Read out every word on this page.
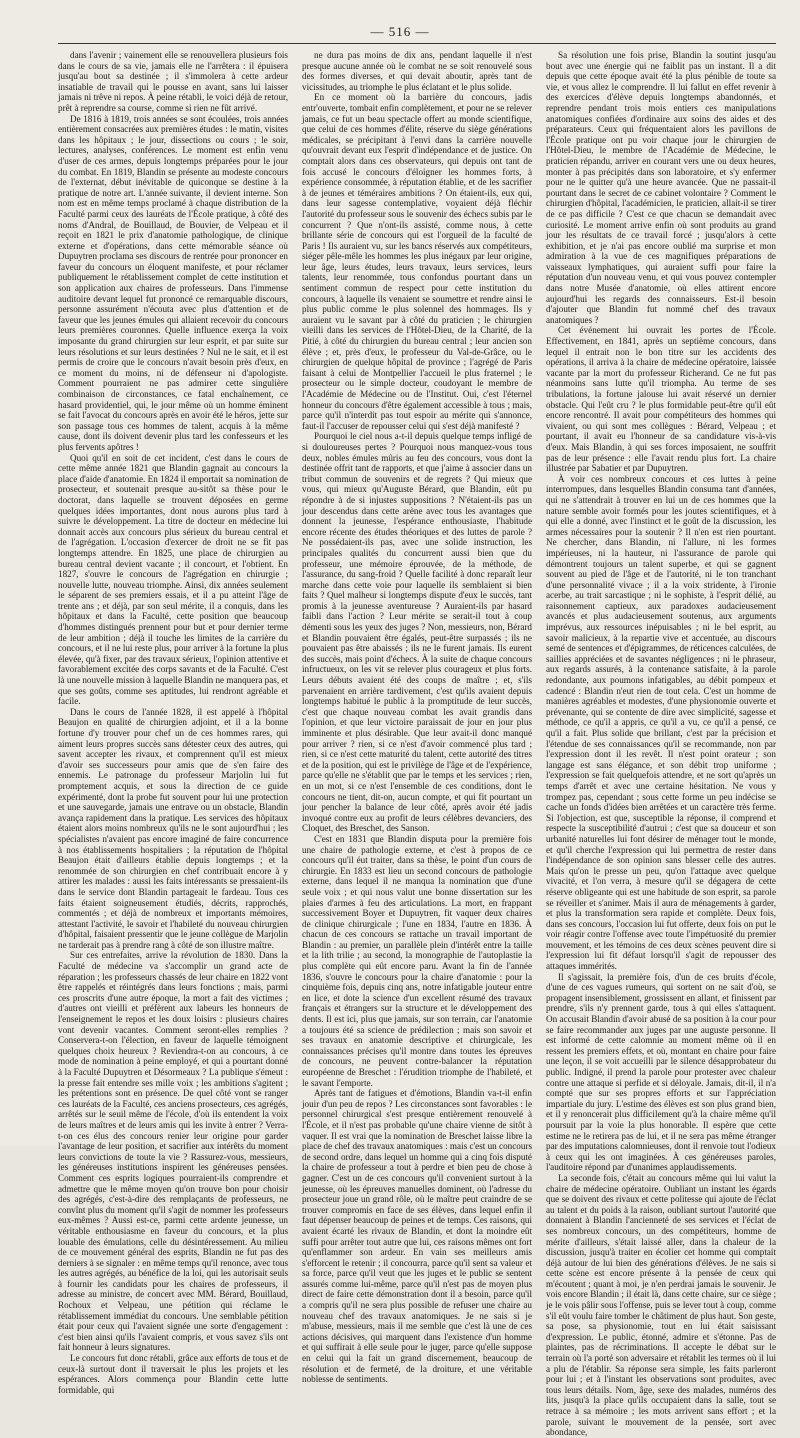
— 516 —

dans l'avenir ; vainement elle se renouvellera plusieurs fois dans le cours de sa vie, jamais elle ne l'arrêtera : il épuisera jusqu'au bout sa destinée ; il s'immolera à cette ardeur insatiable de travail qui le pousse en avant, sans lui laisser jamais ni trêve ni repos. À peine rétabli, le voici déjà de retour, prêt à reprendre sa course, comme si rien ne fût arrivé.

De 1816 à 1819, trois années se sont écoulées, trois années entièrement consacrées aux premières études : le matin, visites dans les hôpitaux ; le jour, dissections ou cours ; le soir, lectures, analyses, conférences. Le moment est enfin venu d'user de ces armes, depuis longtemps préparées pour le jour du combat. En 1819, Blandin se présente au modeste concours de l'externat, début inévitable de quiconque se destine à la pratique de notre art. L'année suivante, il devient interne. Son nom est en même temps proclamé à chaque distribution de la Faculté parmi ceux des lauréats de l'École pratique, à côté des noms d'Andral, de Bouillaud, de Bouvier, de Velpeau et il reçoit en 1821 le prix d'anatomie pathologique, de clinique externe et d'opérations, dans cette mémorable séance où Dupuytren proclama ses discours de rentrée pour prononcer en faveur du concours un éloquent manifeste, et pour réclamer publiquement le rétablissement complet de cette institution et son application aux chaires de professeurs. Dans l'immense auditoire devant lequel fut prononcé ce remarquable discours, personne assurément n'écouta avec plus d'attention et de faveur que les jeunes émules qui allaient recevoir du concours leurs premières couronnes. Quelle influence exerça la voix imposante du grand chirurgien sur leur esprit, et par suite sur leurs résolutions et sur leurs destinées ? Nul ne le sait, et il est permis de croire que le concours n'avait besoin près d'eux, en ce moment du moins, ni de défenseur ni d'apologiste. Comment pourraient ne pas admirer cette singulière combinaison de circonstances, ce fatal enchaînement, ce hasard providentiel, qui, le jour même où un homme éminent se fait l'avocat du concours après en avoir été le héros, jette sur son passage tous ces hommes de talent, acquis à la même cause, dont ils doivent devenir plus tard les confesseurs et les plus fervents apôtres !

Quoi qu'il en soit de cet incident, c'est dans le cours de cette même année 1821 que Blandin gagnait au concours la place d'aide d'anatomie. En 1824 il emportait sa nomination de prosecteur, et soutenait presque au-sitôt sa thèse pour le doctorat, dans laquelle se trouvent déposées en germe quelques idées importantes, dont nous aurons plus tard à suivre le développement. La titre de docteur en médecine lui donnait accès aux concours plus sérieux du bureau central et de l'agrégation. L'occasion d'exercer de droit ne se fit pas longtemps attendre. En 1825, une place de chirurgien au bureau central devient vacante ; il concourt, et l'obtient. En 1827, s'ouvre le concours de l'agrégation en chirurgie ; nouvelle lutte, nouveau triomphe. Ainsi, dix années seulement le séparent de ses premiers essais, et il a pu atteint l'âge de trente ans ; et déjà, par son seul mérite, il a conquis, dans les hôpitaux et dans la Faculté, cette position que beaucoup d'hommes distingués prennent pour but et pour dernier terme de leur ambition ; déjà il touche les limites de la carrière du concours, et il ne lui reste plus, pour arriver à la fortune la plus élevée, qu'à fixer, par des travaux sérieux, l'opinion attentive et favorablement excitée des corps savants et de la Faculté. C'est là une nouvelle mission à laquelle Blandin ne manquera pas, et que ses goûts, comme ses aptitudes, lui rendront agréable et facile.

Dans le cours de l'année 1828, il est appelé à l'hôpital Beaujon en qualité de chirurgien adjoint, et il a la bonne fortune d'y trouver pour chef un de ces hommes rares, qui aiment leurs propres succès sans détester ceux des autres, qui savent accepter les rivaux, et comprennent qu'il est mieux d'avoir ses successeurs pour amis que de s'en faire des ennemis. Le patronage du professeur Marjolin lui fut promptement acquis, et sous la direction de ce guide expérimenté, dont la probe fut souvent pour lui une protection et une sauvegarde, jamais une entrave ou un obstacle, Blandin avança rapidement dans la pratique. Les services des hôpitaux étaient alors moins nombreux qu'ils ne le sont aujourd'hui ; les spécialistes n'avaient pas encore imaginé de faire concurrence à nos établissements hospitaliers ; la réputation de l'hôpital Beaujon était d'ailleurs établie depuis longtemps ; et la renommée de son chirurgien en chef contribuait encore à y attirer les malades : aussi les faits intéressants se pressaient-ils dans le service dont Blandin partageait le fardeau. Tous ces faits étaient soigneusement étudiés, décrits, rapprochés, commentés ; et déjà de nombreux et importants mémoires, attestant l'activité, le savoir et l'habileté du nouveau chirurgien d'hôpital, faisaient pressentir que le jeune collègue de Marjolin ne tarderait pas à prendre rang à côté de son illustre maître.

Sur ces entrefaites, arrive la révolution de 1830. Dans la Faculté de médecine va s'accomplir un grand acte de réparation ; les professeurs chassés de leur chaire en 1822 vont être rappelés et réintégrés dans leurs fonctions ; mais, parmi ces proscrits d'une autre époque, la mort a fait des victimes ; d'autres ont vieilli et préfèrent aux labeurs les honneurs de l'enseignement le repos et les doux loisirs : plusieurs chaires vont devenir vacantes. Comment seront-elles remplies ? Conservera-t-on l'élection, en faveur de laquelle témoignent quelques choix heureux ? Reviendra-t-on au concours, à ce mode de nomination à peine employé, et qui a pourtant donné à la Faculté Dupuytren et Désormeaux ? La publique s'émeut : la presse fait entendre ses mille voix ; les ambitions s'agitent ; les prétentions sont en présence. De quel côté vont se ranger ces lauréats de la Faculté, ces anciens prosecteurs, ces agrégés, arrêtés sur le seuil même de l'école, d'où ils entendent la voix de leurs maîtres et de leurs amis qui les invite à entrer ? Verra-t-on ces élus des concours renier leur origine pour garder l'avantage de leur position, et sacrifier aux intérêts du moment leurs convictions de toute la vie ? Rassurez-vous, messieurs, les généreuses institutions inspirent les généreuses pensées. Comment ces esprits logiques pourraient-ils comprendre et admettre que le même moyen qu'on trouve bon pour choisir des agrégés, c'est-à-dire des remplaçants de professeurs, ne convînt plus du moment qu'il s'agit de nommer les professeurs eux-mêmes ? Aussi est-ce, parmi cette ardente jeunesse, un véritable enthousiasme en faveur du concours, et la plus louable des émulations, celle du désintéressement. Au milieu de ce mouvement général des esprits, Blandin ne fut pas des derniers à se signaler : en même temps qu'il renonce, avec tous les autres agrégés, au bénéfice de la loi, qui les autorisait seuls à fournir les candidats pour les chaires de professeurs, il adresse au ministre, de concert avec MM. Bérard, Bouillaud, Rochoux et Velpeau, une pétition qui réclame le rétablissement immédiat du concours. Une semblable pétition était pour ceux qui l'avaient signée une sorte d'engagement : c'est bien ainsi qu'ils l'avaient compris, et vous savez s'ils ont fait honneur à leurs signatures.

Le concours fut donc rétabli, grâce aux efforts de tous et de ceux-là surtout dont il traversait le plus les projets et les espérances. Alors commença pour Blandin cette lutte formidable, qui

ne dura pas moins de dix ans, pendant laquelle il n'est presque aucune année où le combat ne se soit renouvelé sous des formes diverses, et qui devait aboutir, après tant de vicissitudes, au triomphe le plus éclatant et le plus solide.

En ce moment où la barrière du concours, jadis entr'ouverte, tombait enfin complètement, et pour ne se relever jamais, ce fut un beau spectacle offert au monde scientifique, que celui de ces hommes d'élite, réserve du siège générations médicales, se précipitant à l'envi dans la carrière nouvelle qu'ouvrait devant eux l'esprit d'indépendance et de justice. On comptait alors dans ces observateurs, qui depuis ont tant de fois accusé le concours d'éloigner les hommes forts, à expérience consommée, à réputation établie, et de les sacrifier à de jeunes et téméraires ambitions ? On étaient-ils, eux qui, dans leur sagesse contemplative, voyaient déjà fléchir l'autorité du professeur sous le souvenir des échecs subis par le concurrent ? Que n'ont-ils assisté, comme nous, à cette brillante série de concours qui est l'orgueil de la faculté de Paris ! Ils auraient vu, sur les bancs réservés aux compétiteurs, siéger pêle-mêle les hommes les plus inégaux par leur origine, leur âge, leurs études, leurs travaux, leurs services, leurs talents, leur renommée, tous confondus pourtant dans un sentiment commun de respect pour cette institution du concours, à laquelle ils venaient se soumettre et rendre ainsi le plus public comme le plus solennel des hommages. Ils y auraient vu le savant par à côté du praticien ; le chirurgien vieilli dans les services de l'Hôtel-Dieu, de la Charité, de la Pitié, à côté du chirurgien du bureau central ; leur ancien son élève ; et, près d'eux, le professeur du Val-de-Grâce, ou le chirurgien de quelque hôpital de province ; l'agrégé de Paris faisant à celui de Montpellier l'accueil le plus fraternel ; le prosecteur ou le simple docteur, coudoyant le membre de l'Académie de Médecine ou de l'Institut. Oui, c'est l'éternel honneur du concours d'être également accessible à tous ; mais, parce qu'il n'interdit pas tout espoir au mérite qui s'annonce, faut-il l'accuser de repousser celui qui s'est déjà manifesté ?

Pourquoi le ciel nous a-t-il depuis quelque temps infligé de si douloureuses pertes ? Pourquoi nous manquez-vous tous deux, nobles émules mûris au feu des concours, vous dont la destinée offrit tant de rapports, et que j'aime à associer dans un tribut commun de souvenirs et de regrets ? Qui mieux que vous, qui mieux qu'Auguste Bérard, que Blandin, eût pu répondre à de si injustes suppositions ? N'étaient-ils pas un jour descendus dans cette arène avec tous les avantages que donnent la jeunesse, l'espérance enthousiaste, l'habitude encore récente des études théoriques et des luttes de parole ? Ne possédaient-ils pas, avec une solide instruction, les principales qualités du concurrent aussi bien que du professeur, une mémoire éprouvée, de la méthode, de l'assurance, du sang-froid ? Quelle facilité à donc reparaît leur marche dans cette voie pour laquelle ils semblaient si bien faits ? Quel malheur si longtemps dispute d'eux le succès, tant promis à la jeunesse aventureuse ? Auraient-ils par hasard faibli dans l'action ? Leur mérite se serait-il tout à coup démenti sous les yeux des juges ? Non, messieurs, non, Bérard et Blandin pouvaient être égalés, peut-être surpassés ; ils ne pouvaient pas être abaissés ; ils ne le furent jamais. Ils eurent des succès, mais point d'échecs. À la suite de chaque concours infructueux, on les vit se relever plus courageux et plus forts. Leurs débuts avaient été des coups de maître ; et, s'ils parvenaient en arrière tardivement, c'est qu'ils avaient depuis longtemps habitué le public à la promptitude de leur succès, c'est que chaque nouveau combat les avait grandis dans l'opinion, et que leur victoire paraissait de jour en jour plus imminente et plus désirable. Que leur avait-il donc manqué pour arriver ? rien, si ce n'est d'avoir commencé plus tard ; rien, si ce n'est cette maturité du talent, cette autorité des titres et de la position, qui est le privilège de l'âge et de l'expérience, parce qu'elle ne s'établit que par le temps et les services ; rien, en un mot, si ce n'est l'ensemble de ces conditions, dont le concours ne tient, dit-on, aucun compte, et qui fit pourtant un jour pencher la balance de leur côté, après avoir été jadis invoqué contre eux au profit de leurs célèbres devanciers, des Cloquet, des Breschet, des Sanson.

C'est en 1831 que Blandin disputa pour la première fois une chaire de pathologie externe, et c'est à propos de ce concours qu'il éut traiter, dans sa thèse, le point d'un cours de chirurgie. En 1833 est lieu un second concours de pathologie externe, dans lequel il ne manqua la nomination que d'une seule voix ; et qui nous valut une bonne dissertation sur les plaies d'armes à feu des articulations. La mort, en frappant successivement Boyer et Dupuytren, fit vaquer deux chaires de clinique chirurgicale ; l'une en 1834, l'autre en 1836. À chacun de ces concours se rattache un travail important de Blandin : au premier, un parallèle plein d'intérêt entre la taille et la lith trilie ; au second, la monographie de l'autoplastie la plus complète qui eût encore paru. Avant la fin de l'année 1836, s'ouvre le concours pour la chaire d'anatomie : pour la cinquième fois, depuis cinq ans, notre infatigable jouteur entre en lice, et dote la science d'un excellent résumé des travaux français et étrangers sur la structure et le développement des dents. Il est ici, plus que jamais, sur son terrain, car l'anatomie a toujours été sa science de prédilection ; mais son savoir et ses travaux en anatomie descriptive et chirurgicale, les connaissances précises qu'il montre dans toutes les épreuves de concours, ne peuvent contre-balancer la réputation européenne de Breschet : l'érudition triomphe de l'habileté, et le savant l'emporte.

Après tant de fatigues et d'émotions, Blandin va-t-il enfin jouir d'un peu de repos ? Les circonstances sont favorables : le personnel chirurgical s'est presque entièrement renouvelé à l'École, et il n'est pas probable qu'une chaire vienne de sitôt à vaquer. Il est vrai que la nomination de Breschet laisse libre la place de chef des travaux anatomiques : mais c'est un concours de second ordre, dans lequel un homme qui a cinq fois disputé la chaire de professeur a tout à perdre et bien peu de chose à gagner. C'est un de ces concours qu'il convenient surtout à la jeunesse, où les épreuves manuelles dominent, où l'adresse du prosecteur joue un grand rôle, où le maître peut craindre de se trouver compromis en face de ses élèves, dans lequel enfin il faut dépenser beaucoup de peines et de temps. Ces raisons, qui avaient écarté les rivaux de Blandin, et dont la moindre eût suffi pour arrêter tout autre que lui, ces raisons mêmes ont fort qu'enflammer son ardeur. En vain ses meilleurs amis s'efforcent le retenir ; il concourra, parce qu'il sent sa valeur et sa force, parce qu'il veut que les juges et le public se sentent assurés comme lui-même, parce qu'il n'est pas de moyen plus direct de faire cette démonstration dont il a besoin, parce qu'il a compris qu'il ne sera plus possible de refuser une chaire au nouveau chef des travaux anatomiques. Je ne sais si je m'abuse, messieurs, mais il me semble que c'est là une de ces actions décisives, qui marquent dans l'existence d'un homme et qui suffirait à elle seule pour le juger, parce qu'elle suppose en celui qui la fait un grand discernement, beaucoup de résolution et de fermeté, de la droiture, et une véritable noblesse de sentiments.

Sa résolution une fois prise, Blandin la soutint jusqu'au bout avec une énergie qui ne faiblit pas un instant. Il a dit depuis que cette époque avait été la plus pénible de toute sa vie, et vous allez le comprendre. Il lui fallut en effet revenir à des exercices d'élève depuis longtemps abandonnés, et reprendre pendant trois mois entiers ces manipulations anatomiques confiées d'ordinaire aux soins des aides et des préparateurs. Ceux qui fréquentaient alors les pavillons de l'École pratique ont pu voir chaque jour le chirurgien de l'Hôtel-Dieu, le membre de l'Académie de Médecine, le praticien répandu, arriver en courant vers une ou deux heures, monter à pas précipités dans son laboratoire, et s'y enfermer pour ne le quitter qu'à une heure avancée. Que ne passait-il pourtant dans le secret de ce cabinet volontaire ? Comment le chirurgien d'hôpital, l'académicien, le praticien, allait-il se tirer de ce pas difficile ? C'est ce que chacun se demandait avec curiosité. Le moment arrive enfin où sont produits au grand jour les résultats de ce travail forcé ; jusqu'alors à cette exhibition, et je n'ai pas encore oublié ma surprise et mon admiration à la vue de ces magnifiques préparations de vaisseaux lymphatiques, qui auraient suffi pour faire la réputation d'un nouveau venu, et qui vous pouvez contempler dans notre Musée d'anatomie, où elles attirent encore aujourd'hui les regards des connaisseurs. Est-il besoin d'ajouter que Blandin fut nommé chef des travaux anatomiques ?

Cet événement lui ouvrait les portes de l'École. Effectivement, en 1841, après un septième concours, dans lequel il entrait non le bon titre sur les accidents des opérations, il arriva à la chaire de médecine opératoire, laissée vacante par la mort du professeur Richerand. Ce ne fut pas néanmoins sans lutte qu'il triompha. Au terme de ses tribulations, la fortune jalouse lui avait réservé un dernier obstacle. Qui l'eût cru ? le plus formidable peut-être qu'il eût encore rencontré. Il avait pour compétiteurs des hommes qui vivaient, ou qui sont mes collègues : Bérard, Velpeau ; et pourtant, il avait eu l'honneur de sa candidature vis-à-vis d'eux. Mais Blandin, à qui ses forces imposaient, ne souffrit pas de leur présence : elle l'avait rendu plus fort. La chaire illustrée par Sabatier et par Dupuytren.

À voir ces nombreux concours et ces luttes à peine interrompues, dans lesquelles Blandin consuma tant d'années, qui ne s'attendrait à trouver en lui un de ces hommes que la nature semble avoir formés pour les joutes scientifiques, et à qui elle a donné, avec l'instinct et le goût de la discussion, les armes nécessaires pour la soutenir ? Il n'en est rien pourtant. Ne chercher, dans Blandin, ni l'allure, ni les formes impérieuses, ni la hauteur, ni l'assurance de parole qui démontrent toujours un talent superbe, et qui se gagnent souvent au pied de l'âge et de l'autorité, ni le ton tranchant d'une personnalité vivace ; il a la voix stridente, à l'ironie acerbe, au trait sarcastique ; ni le sophiste, à l'esprit délié, au raisonnement captieux, aux paradoxes audacieusement avancés et plus audacieusement soutenus, aux arguments imprévus, aux ressources inépuisables ; ni le bel esprit, au savoir malicieux, à la repartie vive et accentuée, au discours semé de sentences et d'épigrammes, de réticences calculées, de saillies appréciées et de savantes négligences ; ni le phraseur, aux regards assurés, à la contenance satisfaite, à la parole redondante, aux poumons infatigables, au débit pompeux et cadencé : Blandin n'eut rien de tout cela. C'est un homme de manières agréables et modestes, d'une physionomie ouverte et prévenante, qui se contente de dire avec simplicité, sagesse et méthode, ce qu'il a appris, ce qu'il a vu, ce qu'il a pensé, ce qu'il a fait. Plus solide que brillant, c'est par la précision et l'étendue de ses connaissances qu'il se recommande, non par l'expression dont il les revêt. Il n'est point orateur ; son langage est sans élégance, et son débit trop uniforme ; l'expression se fait quelquefois attendre, et ne sort qu'après un temps d'arrêt et avec une certaine hésitation. Ne vous y trompez pas, cependant ; sous cette forme un peu indécise se cache un fonds d'idées bien arrêtées et un caractère très ferme. Si l'objection, est que, susceptible la réponse, il comprend et respecte la susceptibilité d'autrui ; c'est que sa douceur et son urbanité naturelles lui font désirer de ménager tout le monde, et qu'il cherche l'expression qui lui permettra de rester dans l'indépendance de son opinion sans blesser celle des autres. Mais qu'on le presse un peu, qu'on l'attaque avec quelque vivacité, et l'on verra, à mesure qu'il se dégagera de cette réserve obligeante qui est une habitude de son esprit, sa parole se réveiller et s'animer. Mais il aura de ménagements à garder, et plus la transformation sera rapide et complète. Deux fois, dans ses concours, l'occasion lui fut offerte, deux fois on put le voir réagir contre l'offense avec toute l'impétuosité du premier mouvement, et les témoins de ces deux scènes peuvent dire si l'expression lui fit défaut lorsqu'il s'agit de repousser des attaques immérités.

Il s'agissait, la première fois, d'un de ces bruits d'école, d'une de ces vagues rumeurs, qui sortent on ne sait d'où, se propagent insensiblement, grossissent en allant, et finissent par prendre, s'ils n'y prennent garde, tous à qui elles s'attaquent. On accusait Blandin d'avoir abusé de sa position à la cour pour se faire recommander aux juges par une auguste personne. Il est informé de cette calomnie au moment même où il en ressent les premiers effets, et où, montant en chaire pour faire une leçon, il se voit accueilli par le silence désapprobateur du public. Indigné, il prend la parole pour protester avec chaleur contre une attaque si perfide et si déloyale. Jamais, dit-il, il n'a compté que sur ses propres efforts et sur l'appréciation impartiale du jury. L'estime des élèves est son plus grand bien, et il y renoncerait plus difficilement qu'à la chaire même qu'il poursuit par la voie la plus honorable. Il espère que cette estime ne le retirera pas de lui, et il ne sera pas même étranger par des imputations calomnieuses, dont il renvoie tout l'odieux à ceux qui les ont imaginées. À ces généreuses paroles, l'auditoire répond par d'unanimes applaudissements.

La seconde fois, c'était au concours même qui lui valut la chaire de médecine opératoire. Oubliant un instant les égards que se doivent des rivaux et cette politesse qui ajoute de l'éclat au talent et du poids à la raison, oubliant surtout l'autorité que donnaient à Blandin l'ancienneté de ses services et l'éclat de ses nombreux concours, un des compétiteurs, homme de mérite d'ailleurs, s'était laissé aller, dans la chaleur de la discussion, jusqu'à traiter en écolier cet homme qui comptait déjà autour de lui bien des générations d'élèves. Je ne sais si cette scène est encore présente à la pensée de ceux qui m'écoutent ; quant à moi, je n'en perdrai jamais le souvenir. Je vois encore Blandin ; il était là, dans cette chaire, sur ce siège ; je le vois pâlir sous l'offense, puis se lever tout à coup, comme s'il eût voulu faire tomber le châtiment de plus haut. Son geste, sa pose, sa physionomie, tout en lui était saisissant d'expression. Le public, étonné, admire et s'étonne. Pas de plaintes, pas de récriminations. Il accepte le débat sur le terrain où l'a porté son adversaire et rétablit les termes où il lui a plu de l'établir. Sa réponse sera simple, les faits parleront pour lui ; et à l'instant les observations sont produites, avec tous leurs détails. Nom, âge, sexe des malades, numéros des lits, jusqu'à la place qu'ils occupaient dans la salle, tout se retrace à sa mémoire ; les mots arrivent sans effort ; et la parole, suivant le mouvement de la pensée, sort avec abondance,
